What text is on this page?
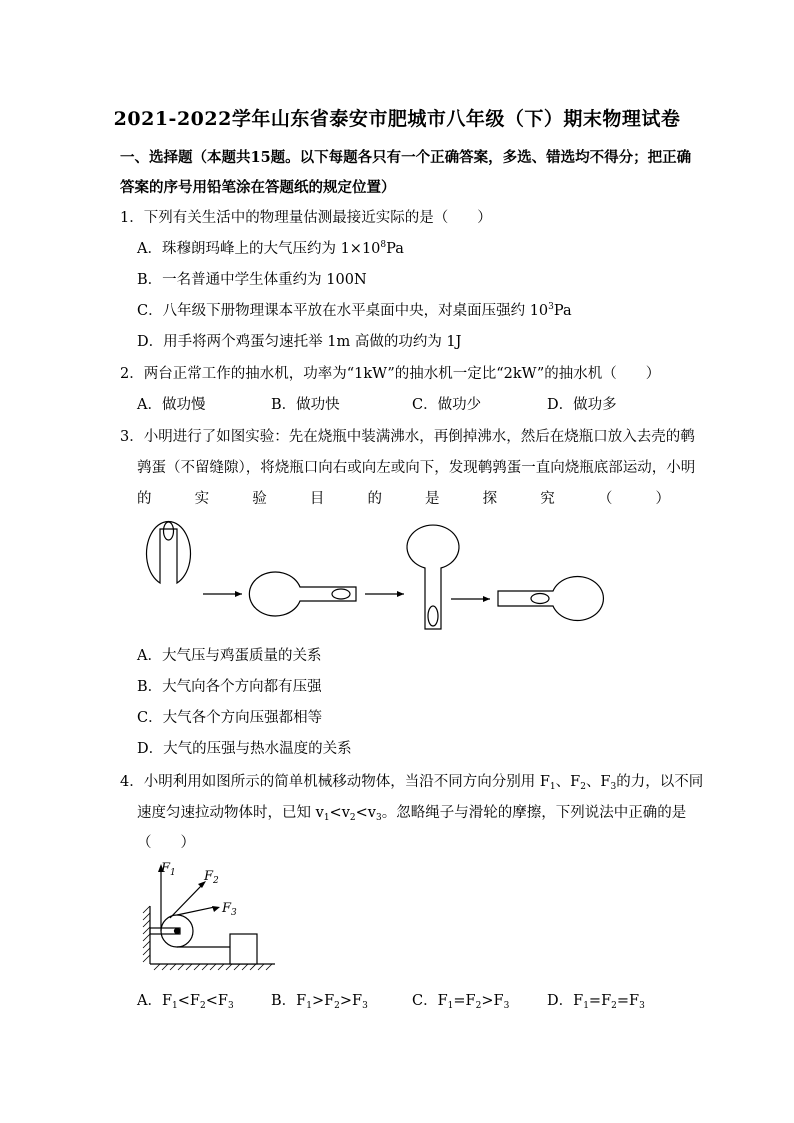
2021-2022学年山东省泰安市肥城市八年级（下）期末物理试卷
一、选择题（本题共15题。以下每题各只有一个正确答案，多选、错选均不得分；把正确
答案的序号用铅笔涂在答题纸的规定位置）
1．下列有关生活中的物理量估测最接近实际的是（　　）
A．珠穆朗玛峰上的大气压约为 $1\times 10^8Pa$
B．一名普通中学生体重约为 100N
C．八年级下册物理课本平放在水平桌面中央，对桌面压强约 $10^3Pa$
D．用手将两个鸡蛋匀速托举 1m 高做的功约为 1J
2．两台正常工作的抽水机，功率为“1kW”的抽水机一定比“2kW”的抽水机（　　）
A．做功慢	B．做功快	C．做功少	D．做功多
3．小明进行了如图实验：先在烧瓶中装满沸水，再倒掉沸水，然后在烧瓶口放入去壳的鹌
鹑蛋（不留缝隙），将烧瓶口向右或向左或向下，发现鹌鹑蛋一直向烧瓶底部运动，小明
的	实	验	目	的	是	探	究	（	）
A．大气压与鸡蛋质量的关系
B．大气向各个方向都有压强
C．大气各个方向压强都相等
D．大气的压强与热水温度的关系
4．小明利用如图所示的简单机械移动物体，当沿不同方向分别用 $F_1$、$F_2$、$F_3$的力，以不同
速度匀速拉动物体时，已知 $v_1<v_2<v_3$。忽略绳子与滑轮的摩擦，下列说法中正确的是
（　　）
$F_1$ $F_2$
$F_3$
A．$F_1<F_2<F_3$	B．$F_1>F_2>F_3$	C．$F_1=F_2>F_3$	D．$F_1=F_2=F_3$
